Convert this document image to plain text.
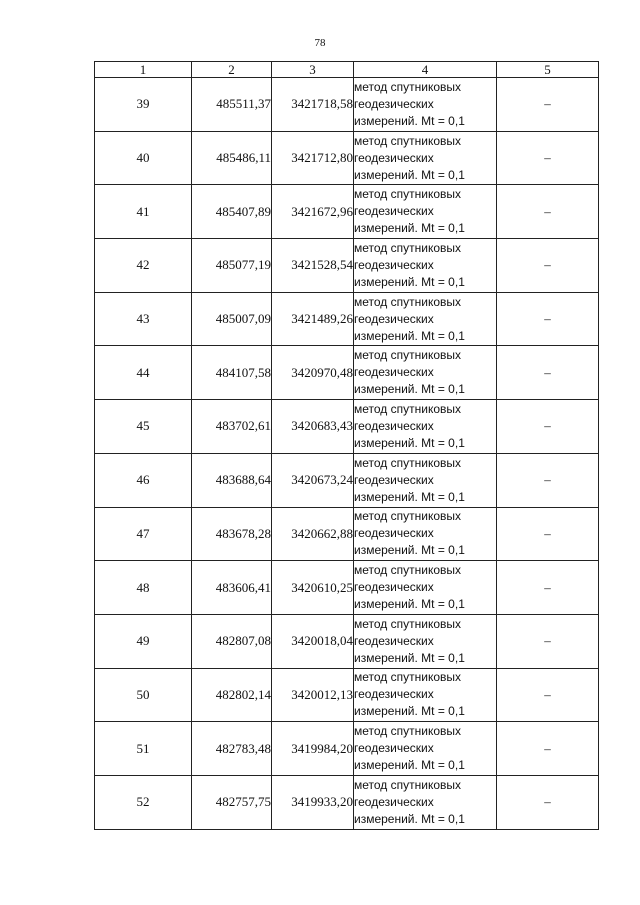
78
1	2	3	4	5
39	485511,37	3421718,58	метод спутниковых
геодезических
измерений. Mt = 0,1	–
40	485486,11	3421712,80	метод спутниковых
геодезических
измерений. Mt = 0,1	–
41	485407,89	3421672,96	метод спутниковых
геодезических
измерений. Mt = 0,1	–
42	485077,19	3421528,54	метод спутниковых
геодезических
измерений. Mt = 0,1	–
43	485007,09	3421489,26	метод спутниковых
геодезических
измерений. Mt = 0,1	–
44	484107,58	3420970,48	метод спутниковых
геодезических
измерений. Mt = 0,1	–
45	483702,61	3420683,43	метод спутниковых
геодезических
измерений. Mt = 0,1	–
46	483688,64	3420673,24	метод спутниковых
геодезических
измерений. Mt = 0,1	–
47	483678,28	3420662,88	метод спутниковых
геодезических
измерений. Mt = 0,1	–
48	483606,41	3420610,25	метод спутниковых
геодезических
измерений. Mt = 0,1	–
49	482807,08	3420018,04	метод спутниковых
геодезических
измерений. Mt = 0,1	–
50	482802,14	3420012,13	метод спутниковых
геодезических
измерений. Mt = 0,1	–
51	482783,48	3419984,20	метод спутниковых
геодезических
измерений. Mt = 0,1	–
52	482757,75	3419933,20	метод спутниковых
геодезических
измерений. Mt = 0,1	–
